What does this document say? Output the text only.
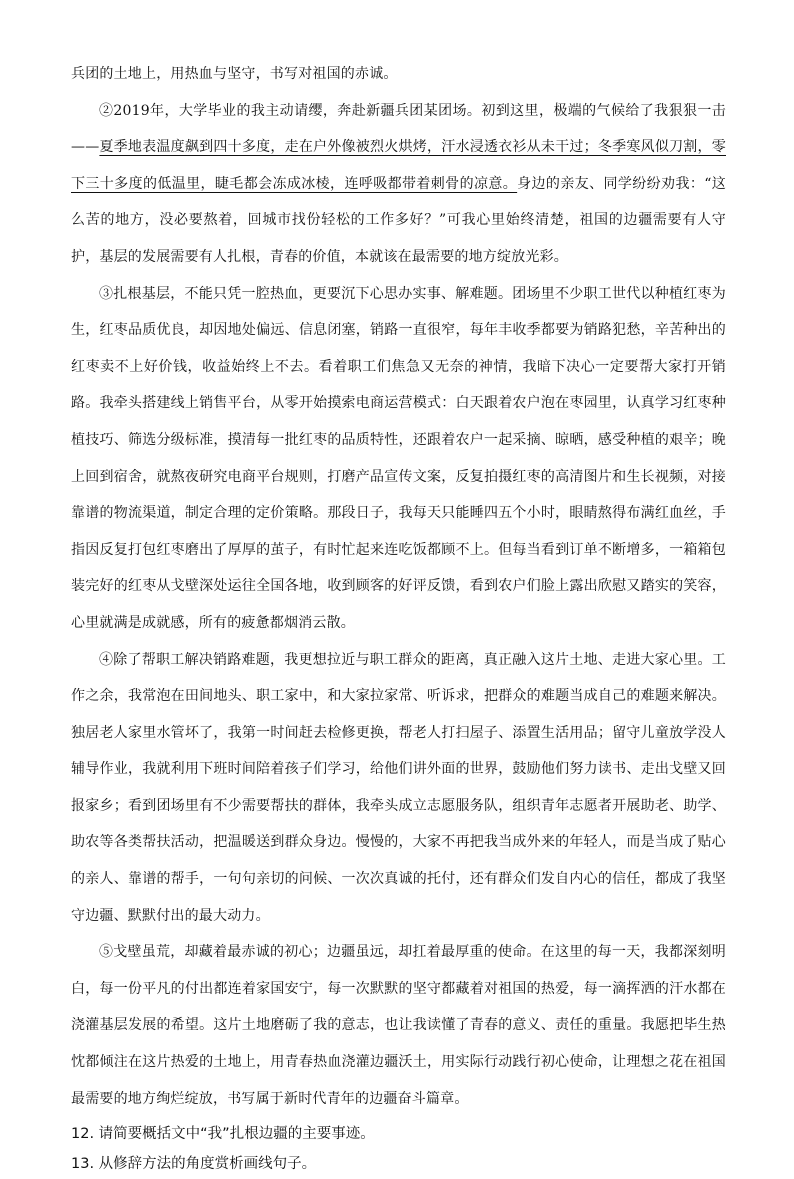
兵团的土地上，用热血与坚守，书写对祖国的赤诚。

②2019年，大学毕业的我主动请缨，奔赴新疆兵团某团场。初到这里，极端的气候给了我狠狠一击——夏季地表温度飙到四十多度，走在户外像被烈火烘烤，汗水浸透衣衫从未干过；冬季寒风似刀割，零下三十多度的低温里，睫毛都会冻成冰棱，连呼吸都带着刺骨的凉意。身边的亲友、同学纷纷劝我：“这么苦的地方，没必要熬着，回城市找份轻松的工作多好？”可我心里始终清楚，祖国的边疆需要有人守护，基层的发展需要有人扎根，青春的价值，本就该在最需要的地方绽放光彩。

③扎根基层，不能只凭一腔热血，更要沉下心思办实事、解难题。团场里不少职工世代以种植红枣为生，红枣品质优良，却因地处偏远、信息闭塞，销路一直很窄，每年丰收季都要为销路犯愁，辛苦种出的红枣卖不上好价钱，收益始终上不去。看着职工们焦急又无奈的神情，我暗下决心一定要帮大家打开销路。我牵头搭建线上销售平台，从零开始摸索电商运营模式：白天跟着农户泡在枣园里，认真学习红枣种植技巧、筛选分级标准，摸清每一批红枣的品质特性，还跟着农户一起采摘、晾晒，感受种植的艰辛；晚上回到宿舍，就熬夜研究电商平台规则，打磨产品宣传文案，反复拍摄红枣的高清图片和生长视频，对接靠谱的物流渠道，制定合理的定价策略。那段日子，我每天只能睡四五个小时，眼睛熬得布满红血丝，手指因反复打包红枣磨出了厚厚的茧子，有时忙起来连吃饭都顾不上。但每当看到订单不断增多，一箱箱包装完好的红枣从戈壁深处运往全国各地，收到顾客的好评反馈，看到农户们脸上露出欣慰又踏实的笑容，心里就满是成就感，所有的疲惫都烟消云散。

④除了帮职工解决销路难题，我更想拉近与职工群众的距离，真正融入这片土地、走进大家心里。工作之余，我常泡在田间地头、职工家中，和大家拉家常、听诉求，把群众的难题当成自己的难题来解决。独居老人家里水管坏了，我第一时间赶去检修更换，帮老人打扫屋子、添置生活用品；留守儿童放学没人辅导作业，我就利用下班时间陪着孩子们学习，给他们讲外面的世界，鼓励他们努力读书、走出戈壁又回报家乡；看到团场里有不少需要帮扶的群体，我牵头成立志愿服务队，组织青年志愿者开展助老、助学、助农等各类帮扶活动，把温暖送到群众身边。慢慢的，大家不再把我当成外来的年轻人，而是当成了贴心的亲人、靠谱的帮手，一句句亲切的问候、一次次真诚的托付，还有群众们发自内心的信任，都成了我坚守边疆、默默付出的最大动力。

⑤戈壁虽荒，却藏着最赤诚的初心；边疆虽远，却扛着最厚重的使命。在这里的每一天，我都深刻明白，每一份平凡的付出都连着家国安宁，每一次默默的坚守都藏着对祖国的热爱，每一滴挥洒的汗水都在浇灌基层发展的希望。这片土地磨砺了我的意志，也让我读懂了青春的意义、责任的重量。我愿把毕生热忱都倾注在这片热爱的土地上，用青春热血浇灌边疆沃土，用实际行动践行初心使命，让理想之花在祖国最需要的地方绚烂绽放，书写属于新时代青年的边疆奋斗篇章。

12. 请简要概括文中“我”扎根边疆的主要事迹。

13. 从修辞方法的角度赏析画线句子。
